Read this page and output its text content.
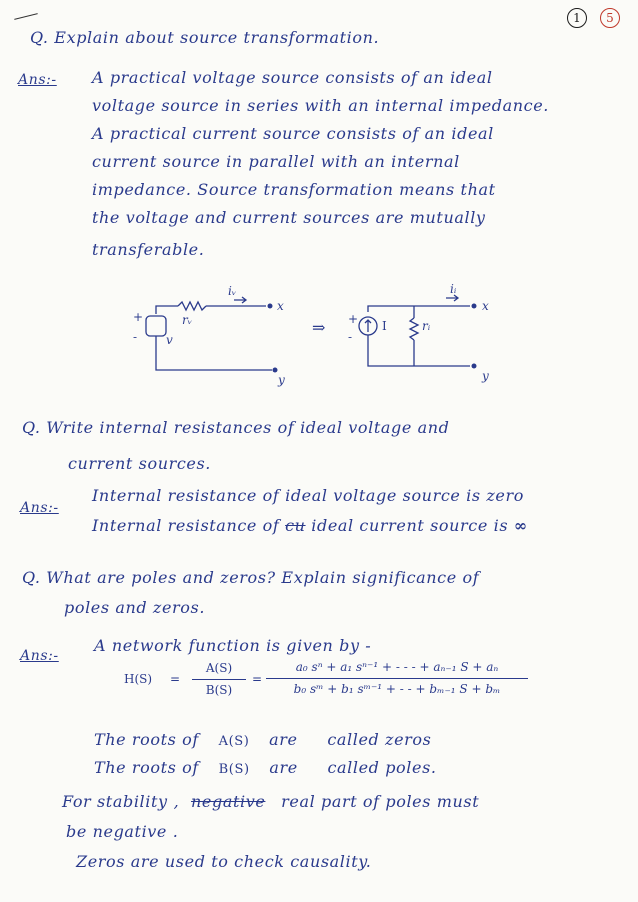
1	5
Q. Explain about source transformation.
Ans:- A practical voltage source consists of an ideal
voltage source in series with an internal impedance.
A practical current source consists of an ideal
current source in parallel with an internal
impedance. Source transformation means that
the voltage and current sources are mutually
transferable.
+
- v
rᵥ
iᵥ
x
y
⇒ +
-
I	rᵢ
iᵢ
x
y
Q. Write internal resistances of ideal voltage and
current sources.
Ans:-
Internal resistance of ideal voltage source is zero
Internal resistance of cu ideal current source is ∞
Q. What are poles and zeros? Explain significance of
poles and zeros.
Ans:-
A network function is given by -
H(S) =
A(S)
B(S)
=
a₀ sⁿ + a₁ sⁿ⁻¹ + - - - + aₙ₋₁ S + aₙ
b₀ sᵐ + b₁ sᵐ⁻¹ + - - + bₘ₋₁ S + bₘ
The roots of A(S) are called zeros
The roots of B(S) are called poles.
For stability , negative real part of poles must
be negative .
Zeros are used to check causality.
